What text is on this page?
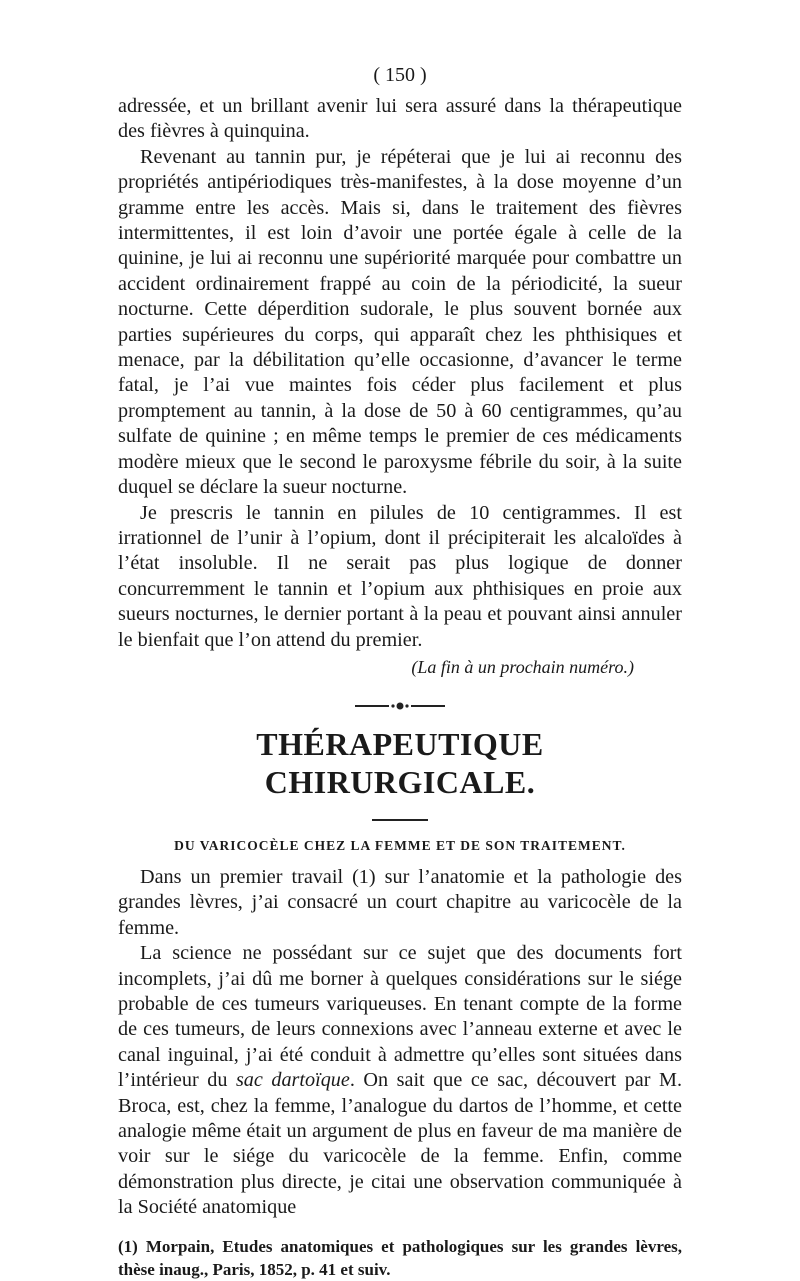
( 150 )

adressée, et un brillant avenir lui sera assuré dans la thérapeutique des fièvres à quinquina.

Revenant au tannin pur, je répéterai que je lui ai reconnu des propriétés antipériodiques très-manifestes, à la dose moyenne d’un gramme entre les accès. Mais si, dans le traitement des fièvres intermittentes, il est loin d’avoir une portée égale à celle de la quinine, je lui ai reconnu une supériorité marquée pour combattre un accident ordinairement frappé au coin de la périodicité, la sueur nocturne. Cette déperdition sudorale, le plus souvent bornée aux parties supérieures du corps, qui apparaît chez les phthisiques et menace, par la débilitation qu’elle occasionne, d’avancer le terme fatal, je l’ai vue maintes fois céder plus facilement et plus promptement au tannin, à la dose de 50 à 60 centigrammes, qu’au sulfate de quinine ; en même temps le premier de ces médicaments modère mieux que le second le paroxysme fébrile du soir, à la suite duquel se déclare la sueur nocturne.

Je prescris le tannin en pilules de 10 centigrammes. Il est irrationnel de l’unir à l’opium, dont il précipiterait les alcaloïdes à l’état insoluble. Il ne serait pas plus logique de donner concurremment le tannin et l’opium aux phthisiques en proie aux sueurs nocturnes, le dernier portant à la peau et pouvant ainsi annuler le bienfait que l’on attend du premier.

(La fin à un prochain numéro.)

THÉRAPEUTIQUE CHIRURGICALE.
DU VARICOCÈLE CHEZ LA FEMME ET DE SON TRAITEMENT.

Dans un premier travail (1) sur l’anatomie et la pathologie des grandes lèvres, j’ai consacré un court chapitre au varicocèle de la femme.

La science ne possédant sur ce sujet que des documents fort incomplets, j’ai dû me borner à quelques considérations sur le siége probable de ces tumeurs variqueuses. En tenant compte de la forme de ces tumeurs, de leurs connexions avec l’anneau externe et avec le canal inguinal, j’ai été conduit à admettre qu’elles sont situées dans l’intérieur du sac dartoïque. On sait que ce sac, découvert par M. Broca, est, chez la femme, l’analogue du dartos de l’homme, et cette analogie même était un argument de plus en faveur de ma manière de voir sur le siége du varicocèle de la femme. Enfin, comme démonstration plus directe, je citai une observation communiquée à la Société anatomique

(1) Morpain, Etudes anatomiques et pathologiques sur les grandes lèvres, thèse inaug., Paris, 1852, p. 41 et suiv.
